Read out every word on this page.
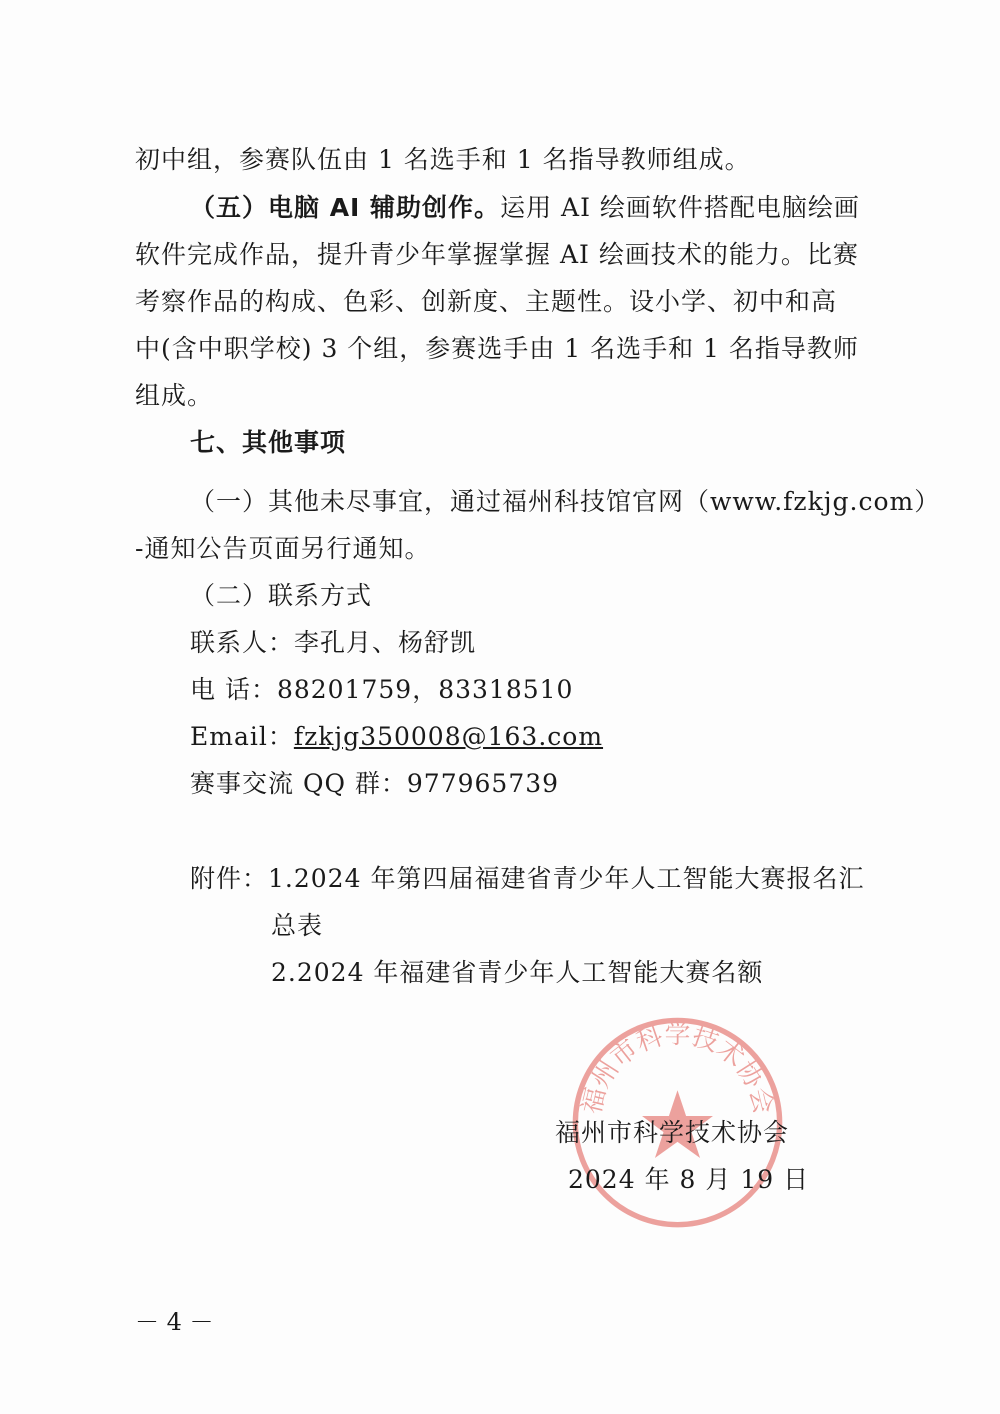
初中组，参赛队伍由 1 名选手和 1 名指导教师组成。
（五）电脑 AI 辅助创作。运用 AI 绘画软件搭配电脑绘画
软件完成作品，提升青少年掌握掌握 AI 绘画技术的能力。比赛
考察作品的构成、色彩、创新度、主题性。设小学、初中和高
中(含中职学校) 3 个组，参赛选手由 1 名选手和 1 名指导教师
组成。
七、其他事项
（一）其他未尽事宜，通过福州科技馆官网（www.fzkjg.com）
-通知公告页面另行通知。
（二）联系方式
联系人：李孔月、杨舒凯
电 话：88201759，83318510
Email：fzkjg350008@163.com
赛事交流 QQ 群：977965739
附件：1.2024 年第四届福建省青少年人工智能大赛报名汇
总表
2.2024 年福建省青少年人工智能大赛名额
福州市科学技术协会
福州市科学技术协会
2024 年 8 月 19 日
－ 4 －
